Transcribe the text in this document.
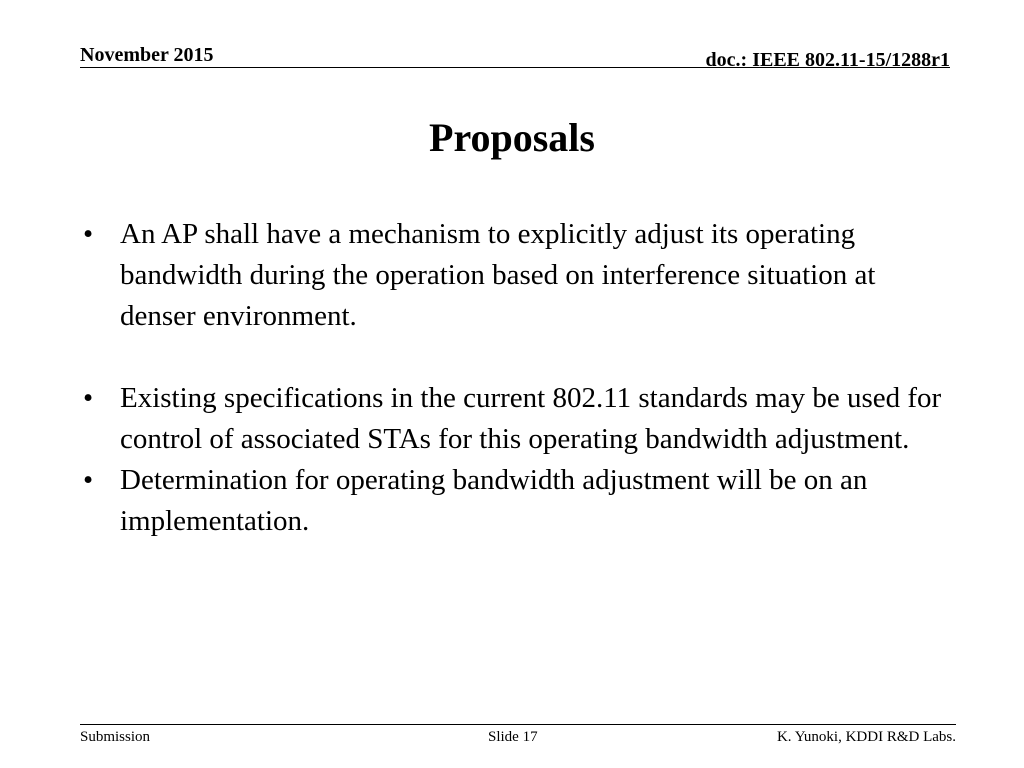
November 2015	doc.: IEEE 802.11-15/1288r1
Proposals
• An AP shall have a mechanism to explicitly adjust its operating bandwidth during the operation based on interference situation at denser environment.
• Existing specifications in the current 802.11 standards may be used for control of associated STAs for this operating bandwidth adjustment.
• Determination for operating bandwidth adjustment will be on an implementation.
Submission	Slide 17	K. Yunoki, KDDI R&D Labs.
